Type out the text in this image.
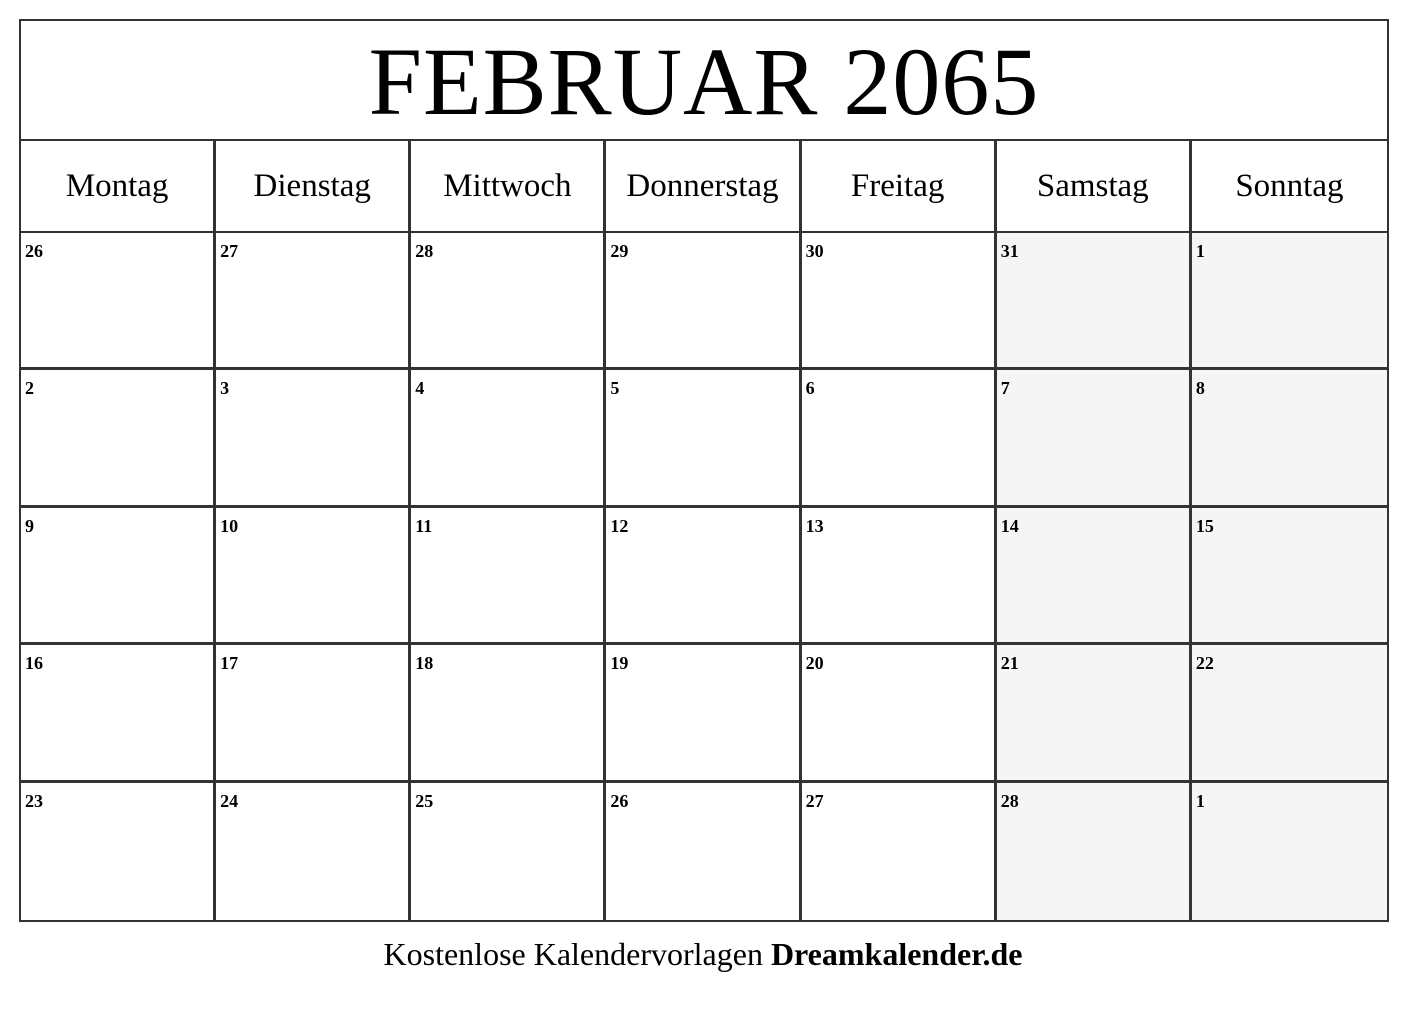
FEBRUAR 2065
Montag	Dienstag	Mittwoch	Donnerstag	Freitag	Samstag	Sonntag
26	27	28	29	30	31	1
2	3	4	5	6	7	8
9	10	11	12	13	14	15
16	17	18	19	20	21	22
23	24	25	26	27	28	1
Kostenlose Kalendervorlagen Dreamkalender.de
